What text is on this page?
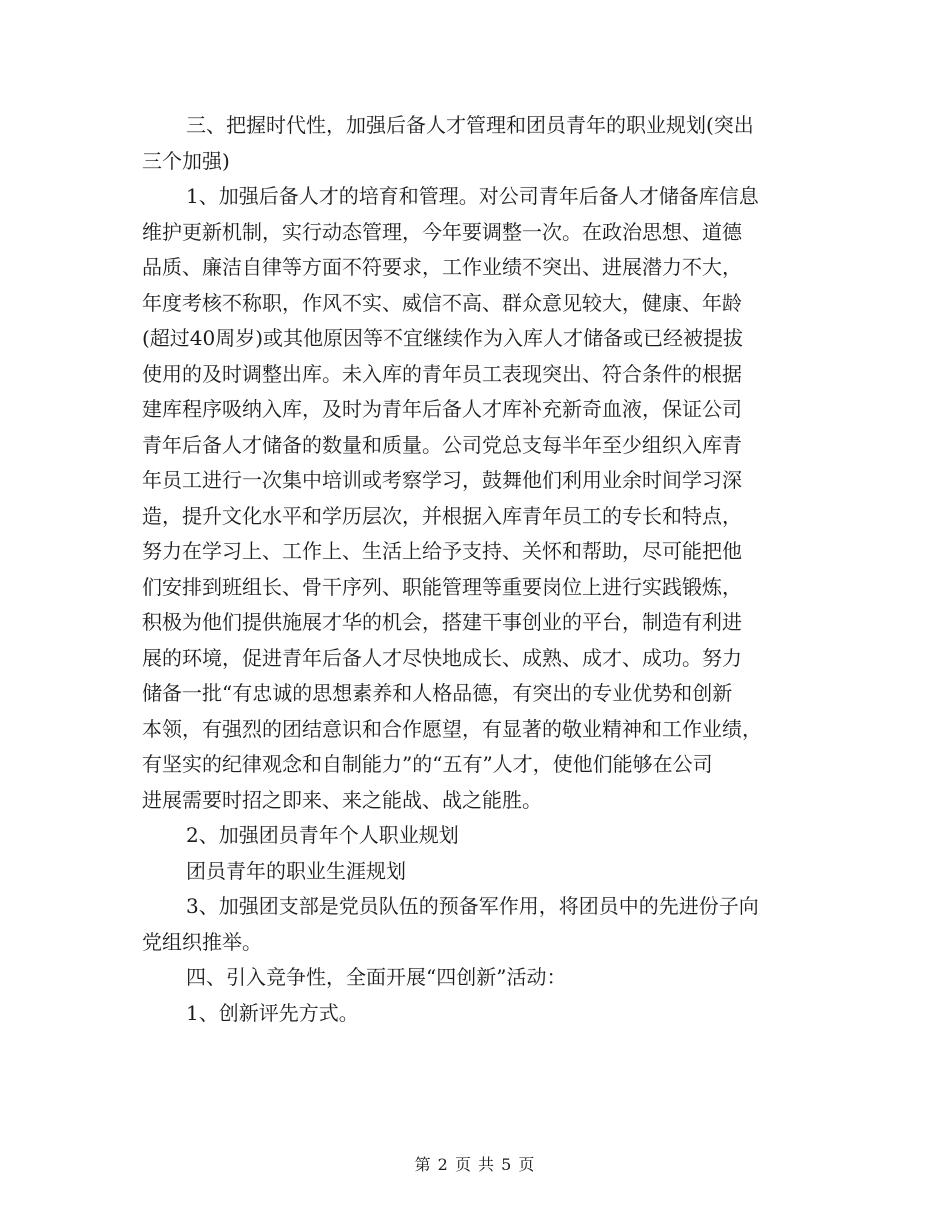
三、把握时代性，加强后备人才管理和团员青年的职业规划(突出
三个加强)

1、加强后备人才的培育和管理。对公司青年后备人才储备库信息
维护更新机制，实行动态管理，今年要调整一次。在政治思想、道德
品质、廉洁自律等方面不符要求，工作业绩不突出、进展潜力不大，
年度考核不称职，作风不实、威信不高、群众意见较大，健康、年龄
(超过40周岁)或其他原因等不宜继续作为入库人才储备或已经被提拔
使用的及时调整出库。未入库的青年员工表现突出、符合条件的根据
建库程序吸纳入库，及时为青年后备人才库补充新奇血液，保证公司
青年后备人才储备的数量和质量。公司党总支每半年至少组织入库青
年员工进行一次集中培训或考察学习，鼓舞他们利用业余时间学习深
造，提升文化水平和学历层次，并根据入库青年员工的专长和特点，
努力在学习上、工作上、生活上给予支持、关怀和帮助，尽可能把他
们安排到班组长、骨干序列、职能管理等重要岗位上进行实践锻炼，
积极为他们提供施展才华的机会，搭建干事创业的平台，制造有利进
展的环境，促进青年后备人才尽快地成长、成熟、成才、成功。努力
储备一批“有忠诚的思想素养和人格品德，有突出的专业优势和创新
本领，有强烈的团结意识和合作愿望，有显著的敬业精神和工作业绩，
有坚实的纪律观念和自制能力”的“五有”人才，使他们能够在公司
进展需要时招之即来、来之能战、战之能胜。

2、加强团员青年个人职业规划

团员青年的职业生涯规划

3、加强团支部是党员队伍的预备军作用，将团员中的先进份子向
党组织推举。

四、引入竞争性，全面开展“四创新”活动：

1、创新评先方式。

第 2 页 共 5 页
